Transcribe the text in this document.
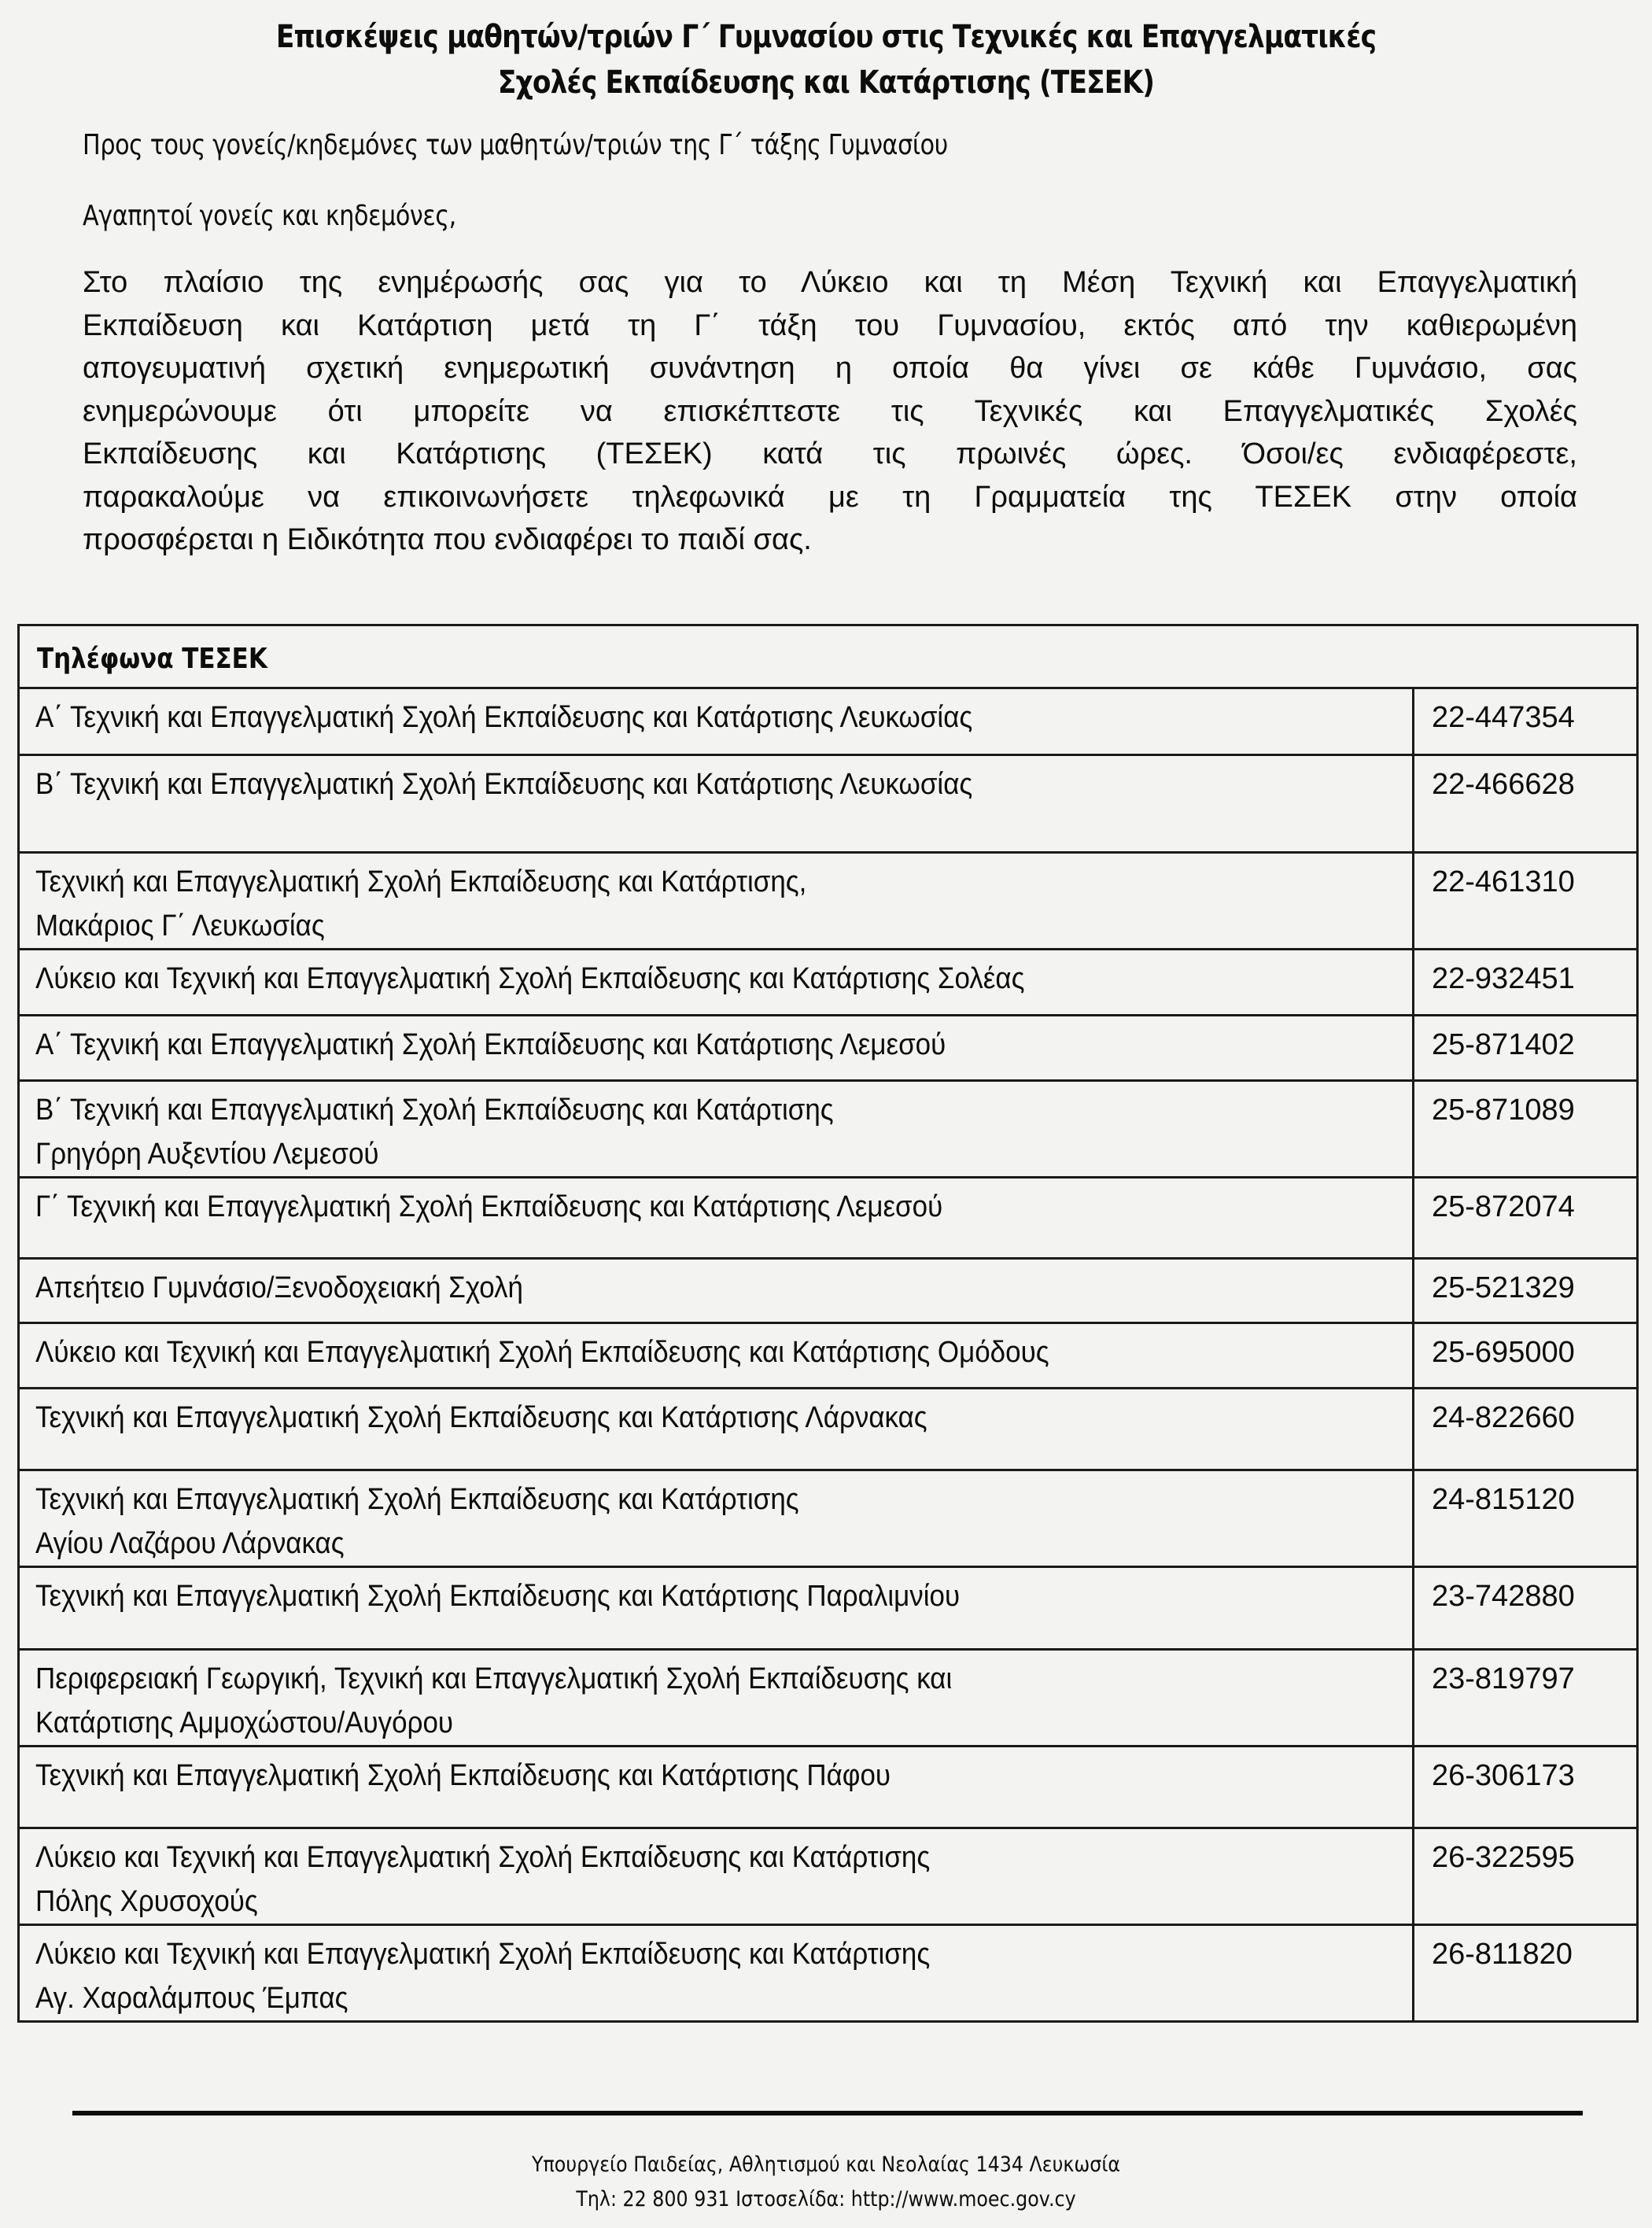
Επισκέψεις μαθητών/τριών Γ΄ Γυμνασίου στις Τεχνικές και Επαγγελματικές
Σχολές Εκπαίδευσης και Κατάρτισης (ΤΕΣΕΚ)
Προς τους γονείς/κηδεμόνες των μαθητών/τριών της Γ΄ τάξης Γυμνασίου
Αγαπητοί γονείς και κηδεμόνες,
Στο πλαίσιο της ενημέρωσής σας για το Λύκειο και τη Μέση Τεχνική και Επαγγελματική
Εκπαίδευση και Κατάρτιση μετά τη Γ΄ τάξη του Γυμνασίου, εκτός από την καθιερωμένη
απογευματινή σχετική ενημερωτική συνάντηση η οποία θα γίνει σε κάθε Γυμνάσιο, σας
ενημερώνουμε ότι μπορείτε να επισκέπτεστε τις Τεχνικές και Επαγγελματικές Σχολές
Εκπαίδευσης και Κατάρτισης (ΤΕΣΕΚ) κατά τις πρωινές ώρες. Όσοι/ες ενδιαφέρεστε,
παρακαλούμε να επικοινωνήσετε τηλεφωνικά με τη Γραμματεία της ΤΕΣΕΚ στην οποία
προσφέρεται η Ειδικότητα που ενδιαφέρει το παιδί σας.
Τηλέφωνα ΤΕΣΕΚ	
Α΄ Τεχνική και Επαγγελματική Σχολή Εκπαίδευσης και Κατάρτισης Λευκωσίας	22-447354
Β΄ Τεχνική και Επαγγελματική Σχολή Εκπαίδευσης και Κατάρτισης Λευκωσίας	22-466628
Τεχνική και Επαγγελματική Σχολή Εκπαίδευσης και Κατάρτισης,
Μακάριος Γ΄ Λευκωσίας	22-461310
Λύκειο και Τεχνική και Επαγγελματική Σχολή Εκπαίδευσης και Κατάρτισης Σολέας	22-932451
Α΄ Τεχνική και Επαγγελματική Σχολή Εκπαίδευσης και Κατάρτισης Λεμεσού	25-871402
Β΄ Τεχνική και Επαγγελματική Σχολή Εκπαίδευσης και Κατάρτισης
Γρηγόρη Αυξεντίου Λεμεσού	25-871089
Γ΄ Τεχνική και Επαγγελματική Σχολή Εκπαίδευσης και Κατάρτισης Λεμεσού	25-872074
Απεήτειο Γυμνάσιο/Ξενοδοχειακή Σχολή	25-521329
Λύκειο και Τεχνική και Επαγγελματική Σχολή Εκπαίδευσης και Κατάρτισης Ομόδους	25-695000
Τεχνική και Επαγγελματική Σχολή Εκπαίδευσης και Κατάρτισης Λάρνακας	24-822660
Τεχνική και Επαγγελματική Σχολή Εκπαίδευσης και Κατάρτισης
Αγίου Λαζάρου Λάρνακας	24-815120
Τεχνική και Επαγγελματική Σχολή Εκπαίδευσης και Κατάρτισης Παραλιμνίου	23-742880
Περιφερειακή Γεωργική, Τεχνική και Επαγγελματική Σχολή Εκπαίδευσης και
Κατάρτισης Αμμοχώστου/Αυγόρου	23-819797
Τεχνική και Επαγγελματική Σχολή Εκπαίδευσης και Κατάρτισης Πάφου	26-306173
Λύκειο και Τεχνική και Επαγγελματική Σχολή Εκπαίδευσης και Κατάρτισης
Πόλης Χρυσοχούς	26-322595
Λύκειο και Τεχνική και Επαγγελματική Σχολή Εκπαίδευσης και Κατάρτισης
Αγ. Χαραλάμπους Έμπας	26-811820
Υπουργείο Παιδείας, Αθλητισμού και Νεολαίας 1434 Λευκωσία
Τηλ: 22 800 931 Ιστοσελίδα: http://www.moec.gov.cy
